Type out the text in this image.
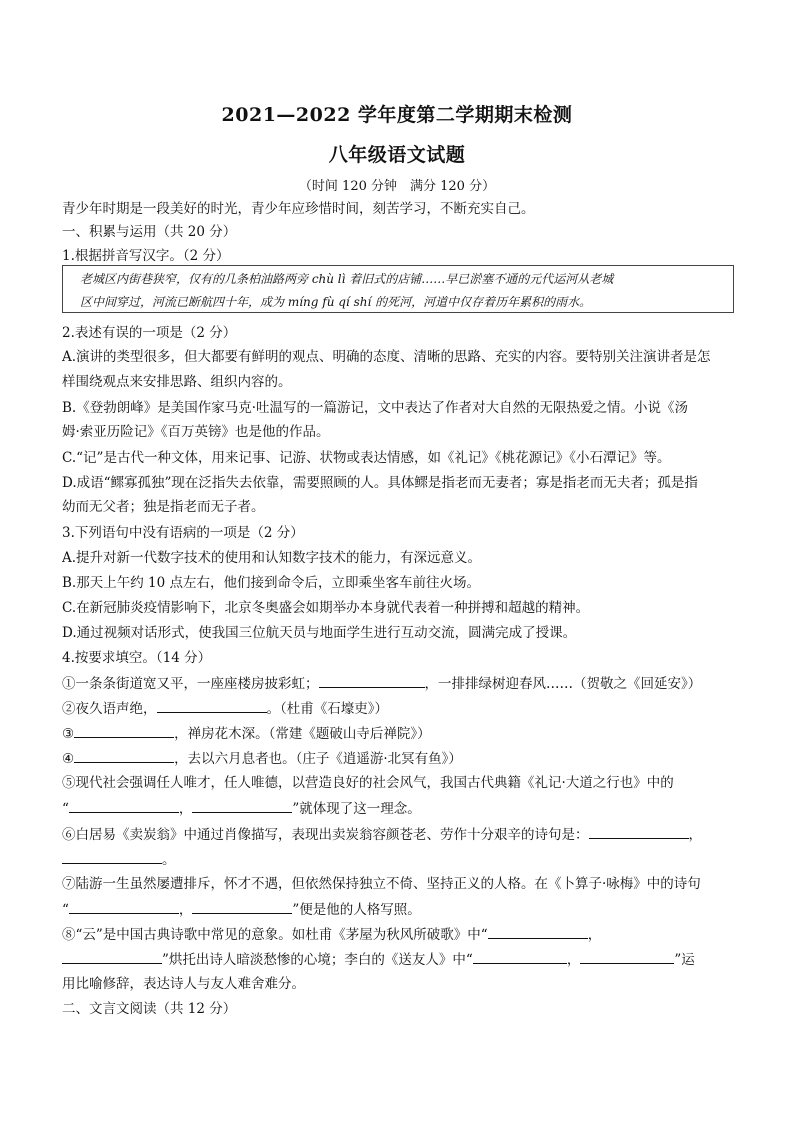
2021—2022 学年度第二学期期末检测
八年级语文试题
（时间 120 分钟　满分 120 分）
青少年时期是一段美好的时光，青少年应珍惜时间，刻苦学习，不断充实自己。
一、积累与运用（共 20 分）
1.根据拼音写汉字。（2 分）
老城区内街巷狭窄，仅有的几条柏油路两旁 chù lì 着旧式的店铺……早已淤塞不通的元代运河从老城
区中间穿过，河流已断航四十年，成为 míng fù qí shí 的死河，河道中仅存着历年累积的雨水。
2.表述有误的一项是（2 分）
A.演讲的类型很多，但大都要有鲜明的观点、明确的态度、清晰的思路、充实的内容。要特别关注演讲者是怎
样围绕观点来安排思路、组织内容的。
B.《登勃朗峰》是美国作家马克·吐温写的一篇游记，文中表达了作者对大自然的无限热爱之情。小说《汤
姆·索亚历险记》《百万英镑》也是他的作品。
C.“记”是古代一种文体，用来记事、记游、状物或表达情感，如《礼记》《桃花源记》《小石潭记》等。
D.成语“鳏寡孤独”现在泛指失去依靠，需要照顾的人。具体鳏是指老而无妻者；寡是指老而无夫者；孤是指
幼而无父者；独是指老而无子者。
3.下列语句中没有语病的一项是（2 分）
A.提升对新一代数字技术的使用和认知数字技术的能力，有深远意义。
B.那天上午约 10 点左右，他们接到命令后，立即乘坐客车前往火场。
C.在新冠肺炎疫情影响下，北京冬奥盛会如期举办本身就代表着一种拼搏和超越的精神。
D.通过视频对话形式，使我国三位航天员与地面学生进行互动交流，圆满完成了授课。
4.按要求填空。（14 分）
①一条条街道宽又平，一座座楼房披彩虹；	，一排排绿树迎春风……（贺敬之《回延安》）
②夜久语声绝，	。（杜甫《石壕吏》）
③	，禅房花木深。（常建《题破山寺后禅院》）
④	，去以六月息者也。（庄子《逍遥游·北冥有鱼》）
⑤现代社会强调任人唯才，任人唯德，以营造良好的社会风气，我国古代典籍《礼记·大道之行也》中的
“	，	”就体现了这一理念。
⑥白居易《卖炭翁》中通过肖像描写，表现出卖炭翁容颜苍老、劳作十分艰辛的诗句是：	，
。
⑦陆游一生虽然屡遭排斥，怀才不遇，但依然保持独立不倚、坚持正义的人格。在《卜算子·咏梅》中的诗句
“	，	”便是他的人格写照。
⑧“云”是中国古典诗歌中常见的意象。如杜甫《茅屋为秋风所破歌》中“	，
”烘托出诗人暗淡愁惨的心境；李白的《送友人》中“	，	”运
用比喻修辞，表达诗人与友人难舍难分。
二、文言文阅读（共 12 分）
